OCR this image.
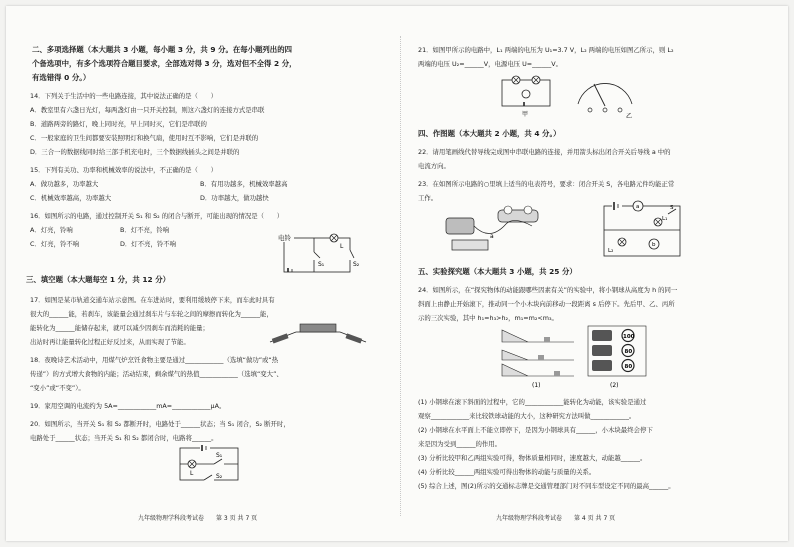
二、多项选择题（本大题共 3 小题，每小题 3 分，共 9 分。在每小题列出的四
个备选项中，有多个选项符合题目要求，全部选对得 3 分，选对但不全得 2 分，
有选错得 0 分。）
14．下列关于生活中的一些电路连接，其中说法正确的是（　　）
A．教室里有六盏日光灯，每两盏灯由一只开关控制，则这六盏灯的连接方式是串联
B．道路两旁的路灯，晚上同时亮，早上同时灭，它们是串联的
C．一般家庭的卫生间都要安装照明灯和换气扇，使用时互不影响，它们是并联的
D．三合一的数据线同时给三部手机充电时，三个数据线插头之间是并联的
15．下列有关功、功率和机械效率的说法中，不正确的是（　　）
A．做功越多，功率越大	B．有用功越多，机械效率越高
C．机械效率越高，功率越大	D．功率越大，做功越快
16．如图所示的电路，通过控制开关 S₁ 和 S₂ 的闭合与断开，可能出现的情况是（　　）
A．灯亮，铃响	B．灯不亮，铃响
C．灯亮，铃不响	D．灯不亮，铃不响
电铃
L
S₁	S₂
三、填空题（本大题每空 1 分，共 12 分）
17．如图是某市轨道交通车站示意图。在车进站时，要利用缓坡停下来，而车此时具有
很大的______能，若刹车，该能量会通过刹车片与车轮之间的摩擦而转化为______能，
能转化为______能储存起来，就可以减少因刹车而消耗的能量；
出站时再让能量转化过程正好反过来，从而实现了节能。
18．夜晚诗艺术活动中，用煤气炉烹饪食物主要是通过____________（选填“做功”或“热
传递”）的方式增大食物的内能；活动结束，剩余煤气的热值____________（选填“变大”、
“变小”或“不变”）。
19．家用空调的电流约为 5A=____________mA=____________μA。
20．如图所示，当开关 S₁ 和 S₂ 都断开时，电路处于______状态；当 S₁ 闭合，S₂ 断开时，
电路处于______状态；当开关 S₁ 和 S₂ 都闭合时，电路将______。
L
S₁
S₂
九年级物理学科段考试卷　　第 3 页 共 7 页
21．如图甲所示的电路中，L₁ 两端的电压为 U₁=3.7 V，L₂ 两端的电压如图乙所示，则 L₂
两端的电压 U₂=______V，电源电压 U=______V。
甲	乙
四、作图题（本大题共 2 小题，共 4 分。）
22．请用笔画线代替导线完成图中串联电路的连接，并用箭头标出闭合开关后导线 a 中的
电流方向。
23．在如图所示电路的○里填上适当的电表符号，要求：闭合开关 S，各电路元件均能正常
工作。
a
a
L₁
L₂
b
S
五、实验探究题（本大题共 3 小题，共 25 分）
24．如图所示，在“探究物体的动能跟哪些因素有关”的实验中，将小钢球从高度为 h 的同一
斜面上由静止开始滚下，推动同一个小木块向前移动一段距离 s 后停下。先后甲、乙、丙所
示的三次实验，其中 h₁=h₃>h₂，m₁=m₂<m₃。
(1)
100
80
80
(2)
(1) 小钢球在滚下斜面的过程中，它的____________能转化为动能，该实验是通过
观察____________来比较铁球动能的大小，这种研究方法叫做____________。
(2) 小钢球在水平面上不能立即停下，是因为小钢球具有______，小木块最终会停下
来是因为受到______的作用。
(3) 分析比较甲和乙两组实验可得，物体质量相同时，速度越大，动能越______。
(4) 分析比较______两组实验可得出物体的动能与质量的关系。
(5) 综合上述，图(2)所示的交通标志牌是交通管理部门对不同车型设定不同的最高______。
九年级物理学科段考试卷　　第 4 页 共 7 页
